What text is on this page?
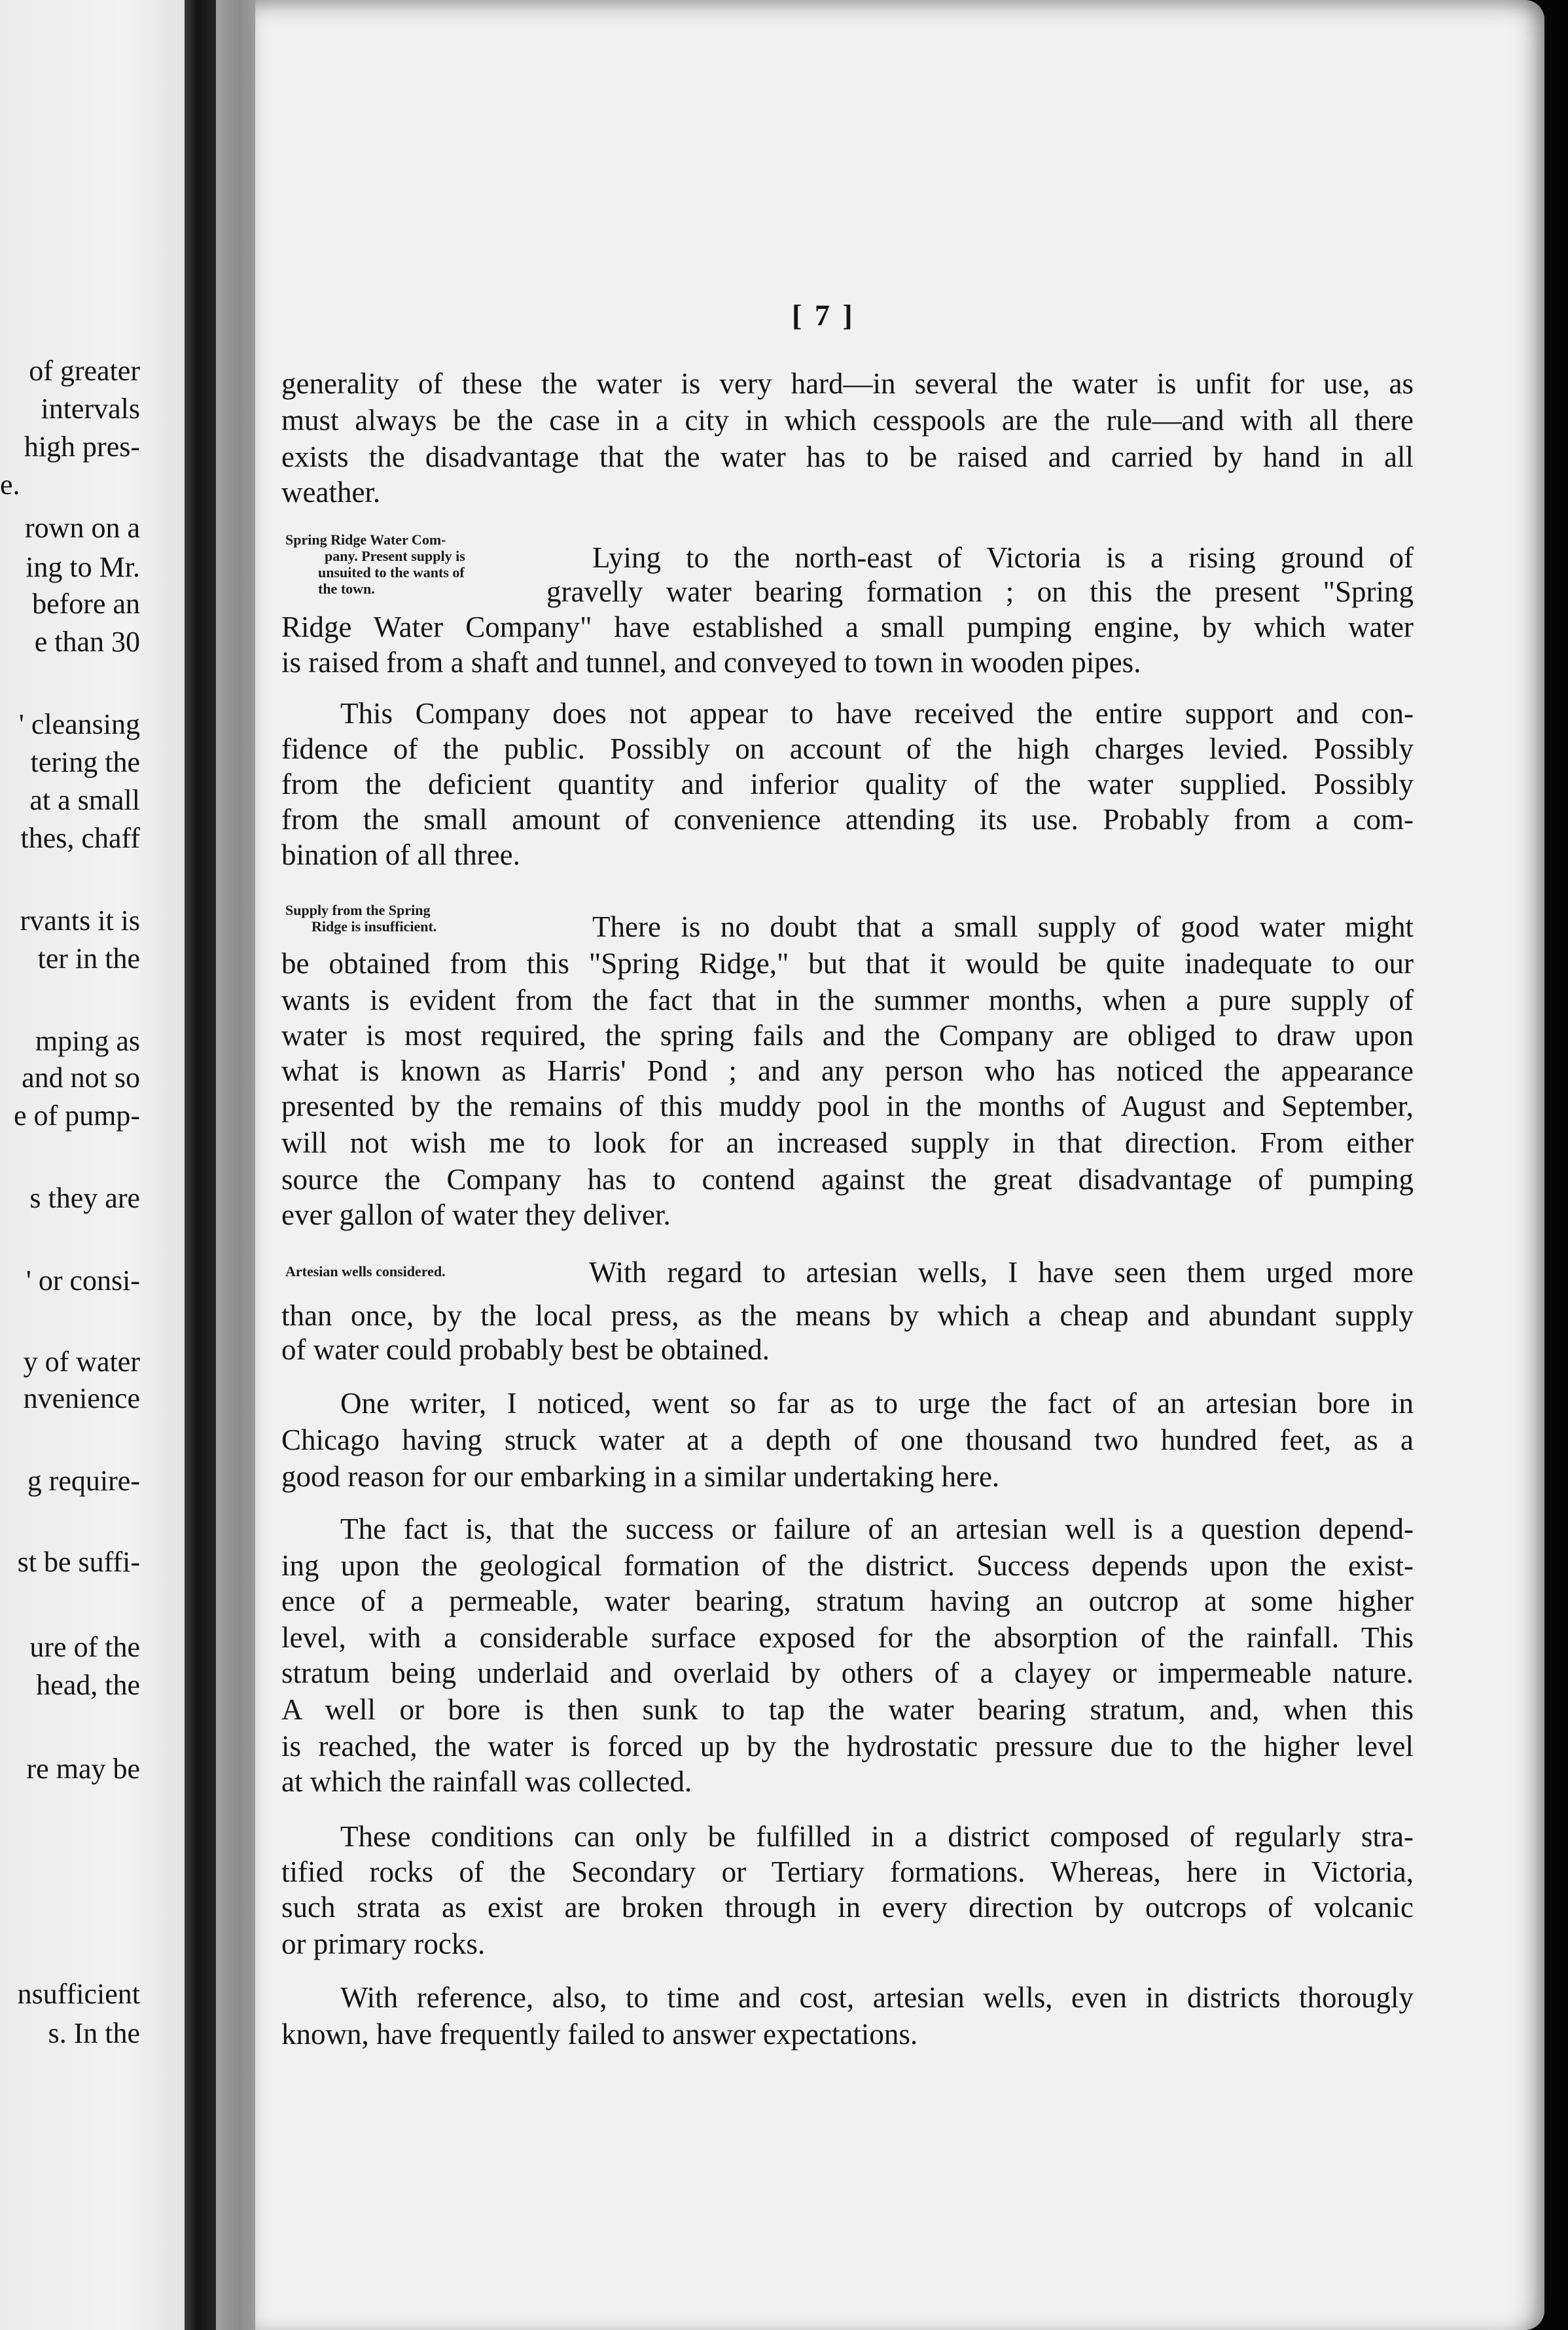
of greater
intervals
high pres-
e.
rown on a
ing to Mr.
before an
e than 30
' cleansing
tering the
at a small
thes, chaff
rvants it is
ter in the
mping as
and not so
e of pump-
s they are
' or consi-
y of water
nvenience
g require-
st be suffi-
ure of the
head, the
re may be
nsufficient
s. In the
[ 7 ]
generality of these the water is very hard—in several the water is unfit for use, as
must always be the case in a city in which cesspools are the rule—and with all there
exists the disadvantage that the water has to be raised and carried by hand in all
weather.
Spring Ridge Water Com-
pany. Present supply is
unsuited to the wants of
the town.
Lying to the north-east of Victoria is a rising ground of
gravelly water bearing formation ; on this the present "Spring
Ridge Water Company" have established a small pumping engine, by which water
is raised from a shaft and tunnel, and conveyed to town in wooden pipes.
This Company does not appear to have received the entire support and con-
fidence of the public. Possibly on account of the high charges levied. Possibly
from the deficient quantity and inferior quality of the water supplied. Possibly
from the small amount of convenience attending its use. Probably from a com-
bination of all three.
Supply from the Spring
Ridge is insufficient.	There is no doubt that a small supply of good water might
be obtained from this "Spring Ridge," but that it would be quite inadequate to our
wants is evident from the fact that in the summer months, when a pure supply of
water is most required, the spring fails and the Company are obliged to draw upon
what is known as Harris' Pond ; and any person who has noticed the appearance
presented by the remains of this muddy pool in the months of August and September,
will not wish me to look for an increased supply in that direction. From either
source the Company has to contend against the great disadvantage of pumping
ever gallon of water they deliver.
Artesian wells considered.	With regard to artesian wells, I have seen them urged more
than once, by the local press, as the means by which a cheap and abundant supply
of water could probably best be obtained.
One writer, I noticed, went so far as to urge the fact of an artesian bore in
Chicago having struck water at a depth of one thousand two hundred feet, as a
good reason for our embarking in a similar undertaking here.
The fact is, that the success or failure of an artesian well is a question depend-
ing upon the geological formation of the district. Success depends upon the exist-
ence of a permeable, water bearing, stratum having an outcrop at some higher
level, with a considerable surface exposed for the absorption of the rainfall. This
stratum being underlaid and overlaid by others of a clayey or impermeable nature.
A well or bore is then sunk to tap the water bearing stratum, and, when this
is reached, the water is forced up by the hydrostatic pressure due to the higher level
at which the rainfall was collected.
These conditions can only be fulfilled in a district composed of regularly stra-
tified rocks of the Secondary or Tertiary formations. Whereas, here in Victoria,
such strata as exist are broken through in every direction by outcrops of volcanic
or primary rocks.
With reference, also, to time and cost, artesian wells, even in districts thorougly
known, have frequently failed to answer expectations.
